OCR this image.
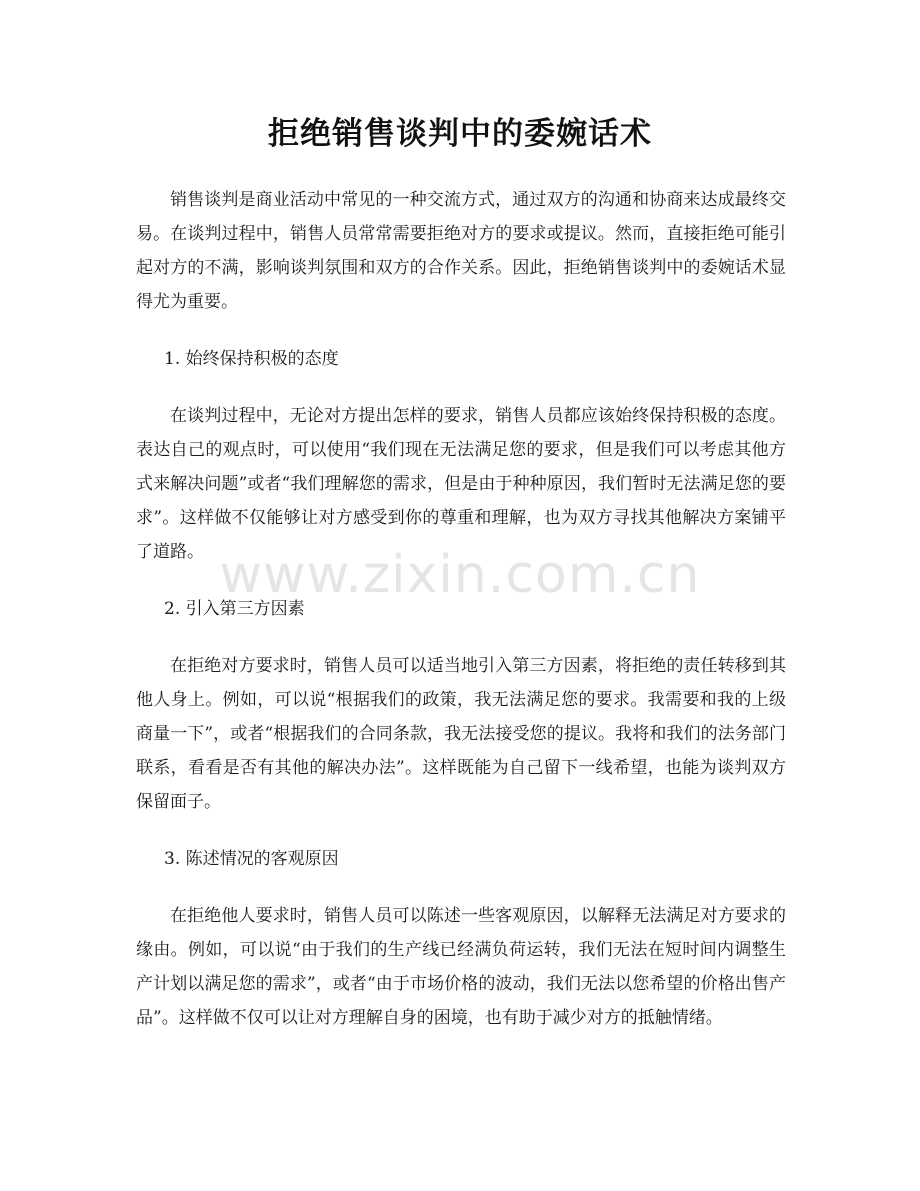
拒绝销售谈判中的委婉话术

销售谈判是商业活动中常见的一种交流方式，通过双方的沟通和协商来达成最终交易。在谈判过程中，销售人员常常需要拒绝对方的要求或提议。然而，直接拒绝可能引起对方的不满，影响谈判氛围和双方的合作关系。因此，拒绝销售谈判中的委婉话术显得尤为重要。

1. 始终保持积极的态度

在谈判过程中，无论对方提出怎样的要求，销售人员都应该始终保持积极的态度。表达自己的观点时，可以使用“我们现在无法满足您的要求，但是我们可以考虑其他方式来解决问题”或者“我们理解您的需求，但是由于种种原因，我们暂时无法满足您的要求”。这样做不仅能够让对方感受到你的尊重和理解，也为双方寻找其他解决方案铺平了道路。

2. 引入第三方因素

在拒绝对方要求时，销售人员可以适当地引入第三方因素，将拒绝的责任转移到其他人身上。例如，可以说“根据我们的政策，我无法满足您的要求。我需要和我的上级商量一下”，或者“根据我们的合同条款，我无法接受您的提议。我将和我们的法务部门联系，看看是否有其他的解决办法”。这样既能为自己留下一线希望，也能为谈判双方保留面子。

3. 陈述情况的客观原因

在拒绝他人要求时，销售人员可以陈述一些客观原因，以解释无法满足对方要求的缘由。例如，可以说“由于我们的生产线已经满负荷运转，我们无法在短时间内调整生产计划以满足您的需求”，或者“由于市场价格的波动，我们无法以您希望的价格出售产品”。这样做不仅可以让对方理解自身的困境，也有助于减少对方的抵触情绪。

www.zixin.com.cn
